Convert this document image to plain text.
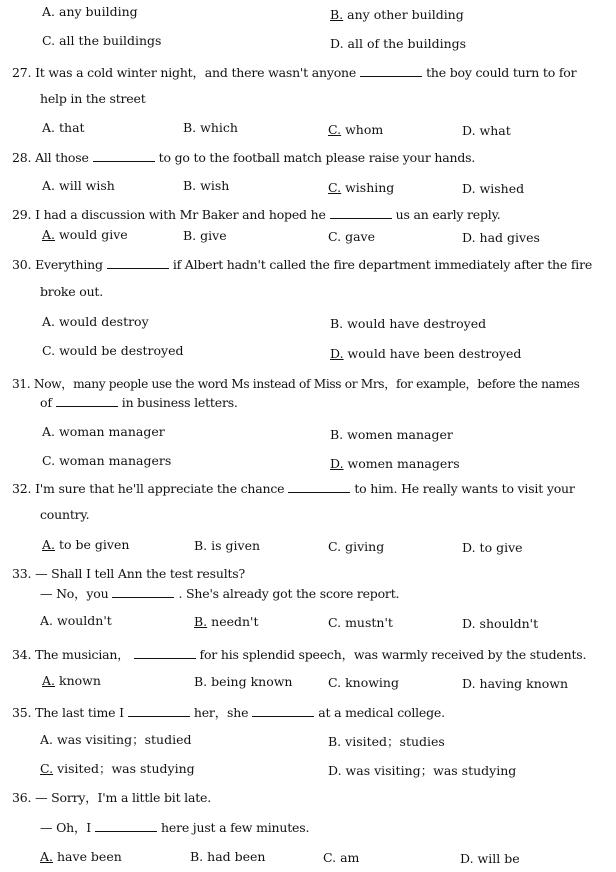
A. any building	B. any other building
C. all the buildings	D. all of the buildings
27. It was a cold winter night，and there wasn't anyone	the boy could turn to for
help in the street
A. that	B. which	C. whom	D. what
28. All those	to go to the football match please raise your hands.
A. will wish	B. wish	C. wishing	D. wished
29. I had a discussion with Mr Baker and hoped he	us an early reply.
A. would give	B. give	C. gave	D. had gives
30. Everything	if Albert hadn't called the fire department immediately after the fire
broke out.
A. would destroy	B. would have destroyed
C. would be destroyed	D. would have been destroyed
31. Now，many people use the word Ms instead of Miss or Mrs，for example，before the names
of	in business letters.
A. woman manager	B. women manager
C. woman managers	D. women managers
32. I'm sure that he'll appreciate the chance	to him. He really wants to visit your
country.
A. to be given	B. is given	C. giving	D. to give
33. — Shall I tell Ann the test results?
— No，you	. She's already got the score report.
A. wouldn't	B. needn't	C. mustn't	D. shouldn't
34. The musician，	for his splendid speech，was warmly received by the students.
A. known	B. being known	C. knowing	D. having known
35. The last time I	her，she	at a medical college.
A. was visiting；studied	B. visited；studies
C. visited；was studying	D. was visiting；was studying
36. — Sorry，I'm a little bit late.
— Oh，I	here just a few minutes.
A. have been	B. had been	C. am	D. will be
